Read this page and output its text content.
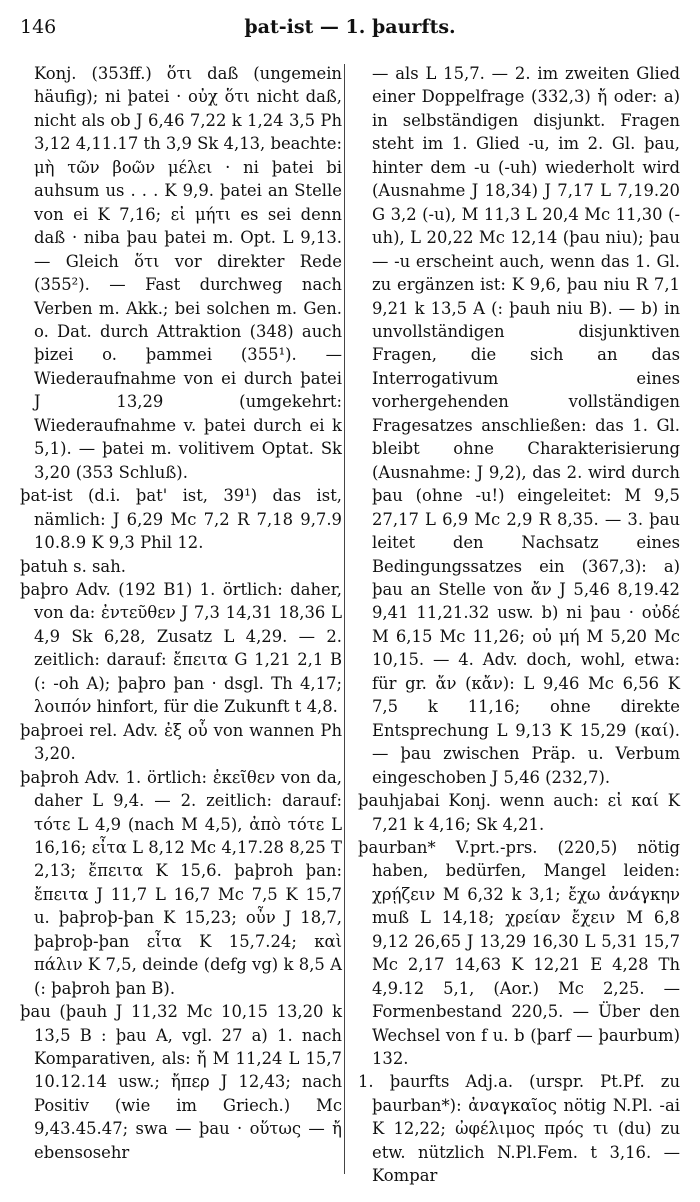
146	þat-ist — 1. þaurfts.

Konj. (353ff.) ὅτι daß (ungemein häufig); ni þatei · οὐχ ὅτι nicht daß, nicht als ob J 6,46 7,22 k 1,24 3,5 Ph 3,12 4,11.17 th 3,9 Sk 4,13, beachte: μὴ τῶν βοῶν μέλει · ni þatei bi auhsum us . . . K 9,9. þatei an Stelle von ei K 7,16; εἰ μήτι es sei denn daß · niba þau þatei m. Opt. L 9,13. — Gleich ὅτι vor direkter Rede (355²). — Fast durchweg nach Verben m. Akk.; bei solchen m. Gen. o. Dat. durch Attraktion (348) auch þizei o. þammei (355¹). — Wiederaufnahme von ei durch þatei J 13,29 (umgekehrt: Wiederaufnahme v. þatei durch ei k 5,1). — þatei m. volitivem Optat. Sk 3,20 (353 Schluß).

þat-ist (d.i. þat' ist, 39¹) das ist, nämlich: J 6,29 Mc 7,2 R 7,18 9,7.9 10.8.9 K 9,3 Phil 12.

þatuh s. sah.

þaþro Adv. (192 B1) 1. örtlich: daher, von da: ἐντεῦθεν J 7,3 14,31 18,36 L 4,9 Sk 6,28, Zusatz L 4,29. — 2. zeitlich: darauf: ἔπειτα G 1,21 2,1 B (: -oh A); þaþro þan · dsgl. Th 4,17; λοιπόν hinfort, für die Zukunft t 4,8.

þaþroei rel. Adv. ἐξ οὗ von wannen Ph 3,20.

þaþroh Adv. 1. örtlich: ἐκεῖθεν von da, daher L 9,4. — 2. zeitlich: darauf: τότε L 4,9 (nach M 4,5), ἀπὸ τότε L 16,16; εἶτα L 8,12 Mc 4,17.28 8,25 T 2,13; ἔπειτα K 15,6. þaþroh þan: ἔπειτα J 11,7 L 16,7 Mc 7,5 K 15,7 u. þaþroþ-þan K 15,23; οὖν J 18,7, þaþroþ-þan εἶτα K 15,7.24; καὶ πάλιν K 7,5, deinde (defg vg) k 8,5 A (: þaþroh þan B).

þau (þauh J 11,32 Mc 10,15 13,20 k 13,5 B : þau A, vgl. 27 a) 1. nach Komparativen, als: ἤ M 11,24 L 15,7 10.12.14 usw.; ἤπερ J 12,43; nach Positiv (wie im Griech.) Mc 9,43.45.47; swa — þau · οὕτως — ἤ ebensosehr

— als L 15,7. — 2. im zweiten Glied einer Doppelfrage (332,3) ἤ oder: a) in selbständigen disjunkt. Fragen steht im 1. Glied -u, im 2. Gl. þau, hinter dem -u (-uh) wiederholt wird (Ausnahme J 18,34) J 7,17 L 7,19.20 G 3,2 (-u), M 11,3 L 20,4 Mc 11,30 (-uh), L 20,22 Mc 12,14 (þau niu); þau — -u erscheint auch, wenn das 1. Gl. zu ergänzen ist: K 9,6, þau niu R 7,1 9,21 k 13,5 A (: þauh niu B). — b) in unvollständigen disjunktiven Fragen, die sich an das Interrogativum eines vorhergehenden vollständigen Fragesatzes anschließen: das 1. Gl. bleibt ohne Charakterisierung (Ausnahme: J 9,2), das 2. wird durch þau (ohne -u!) eingeleitet: M 9,5 27,17 L 6,9 Mc 2,9 R 8,35. — 3. þau leitet den Nachsatz eines Bedingungssatzes ein (367,3): a) þau an Stelle von ἄν J 5,46 8,19.42 9,41 11,21.32 usw. b) ni þau · οὐδέ M 6,15 Mc 11,26; οὐ μή M 5,20 Mc 10,15. — 4. Adv. doch, wohl, etwa: für gr. ἄν (κἄν): L 9,46 Mc 6,56 K 7,5 k 11,16; ohne direkte Entsprechung L 9,13 K 15,29 (καί). — þau zwischen Präp. u. Verbum eingeschoben J 5,46 (232,7).

þauhjabai Konj. wenn auch: εἰ καί K 7,21 k 4,16; Sk 4,21.

þaurban* V.prt.-prs. (220,5) nötig haben, bedürfen, Mangel leiden: χρῄζειν M 6,32 k 3,1; ἔχω ἀνάγκην muß L 14,18; χρείαν ἔχειν M 6,8 9,12 26,65 J 13,29 16,30 L 5,31 15,7 Mc 2,17 14,63 K 12,21 E 4,28 Th 4,9.12 5,1, (Aor.) Mc 2,25. — Formenbestand 220,5. — Über den Wechsel von f u. b (þarf — þaurbum) 132.

1. þaurfts Adj.a. (urspr. Pt.Pf. zu þaurban*): ἀναγκαῖος nötig N.Pl. -ai K 12,22; ὠφέλιμος πρός τι (du) zu etw. nützlich N.Pl.Fem. t 3,16. — Kompar
